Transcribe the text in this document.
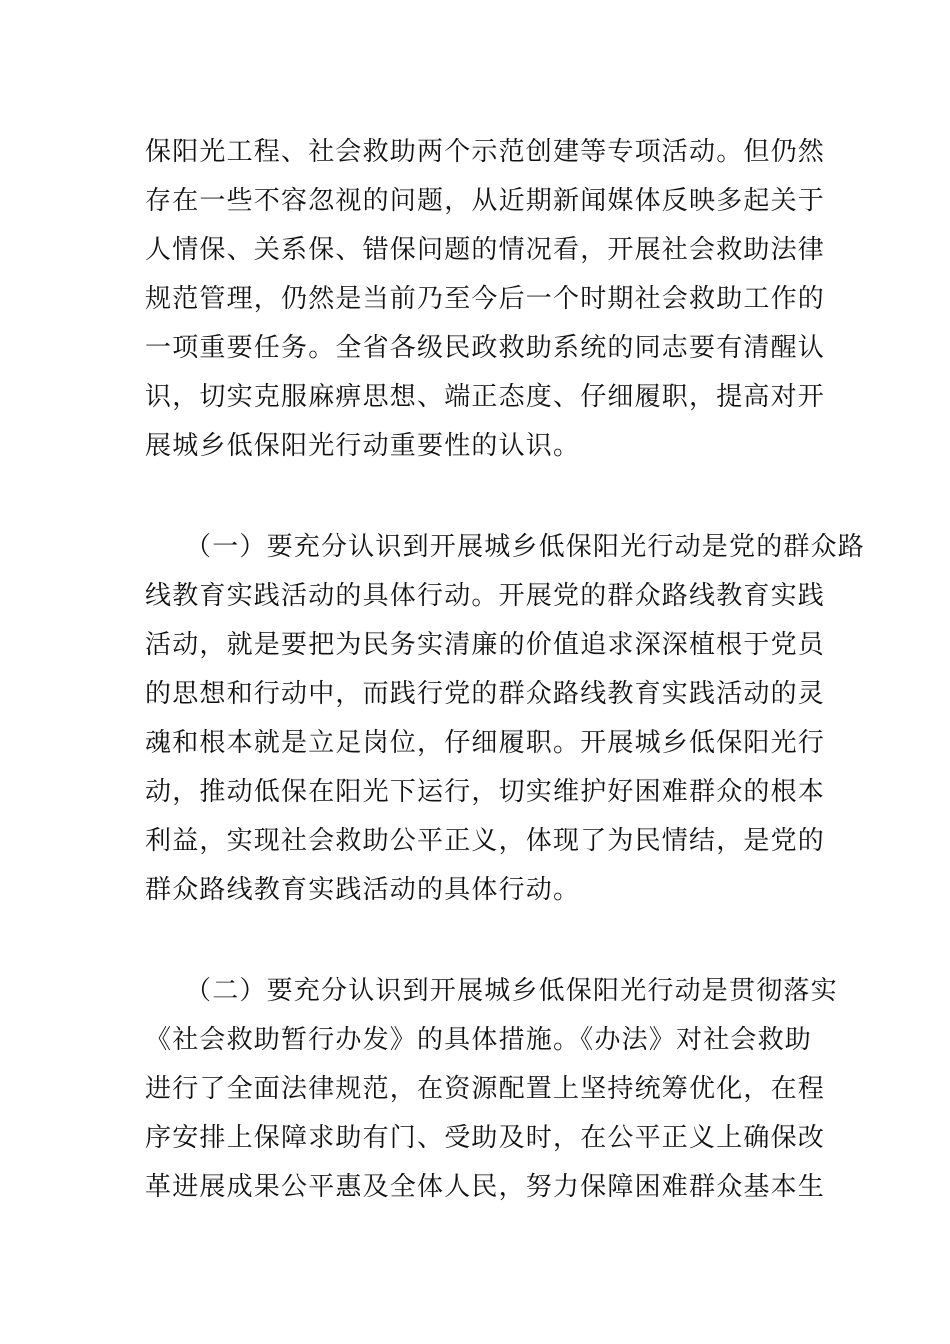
保阳光工程、社会救助两个示范创建等专项活动。但仍然
存在一些不容忽视的问题，从近期新闻媒体反映多起关于
人情保、关系保、错保问题的情况看，开展社会救助法律
规范管理，仍然是当前乃至今后一个时期社会救助工作的
一项重要任务。全省各级民政救助系统的同志要有清醒认
识，切实克服麻痹思想、端正态度、仔细履职，提高对开
展城乡低保阳光行动重要性的认识。
（一）要充分认识到开展城乡低保阳光行动是党的群众路
线教育实践活动的具体行动。开展党的群众路线教育实践
活动，就是要把为民务实清廉的价值追求深深植根于党员
的思想和行动中，而践行党的群众路线教育实践活动的灵
魂和根本就是立足岗位，仔细履职。开展城乡低保阳光行
动，推动低保在阳光下运行，切实维护好困难群众的根本
利益，实现社会救助公平正义，体现了为民情结，是党的
群众路线教育实践活动的具体行动。
（二）要充分认识到开展城乡低保阳光行动是贯彻落实
《社会救助暂行办发》的具体措施。《办法》对社会救助
进行了全面法律规范，在资源配置上坚持统筹优化，在程
序安排上保障求助有门、受助及时，在公平正义上确保改
革进展成果公平惠及全体人民，努力保障困难群众基本生
